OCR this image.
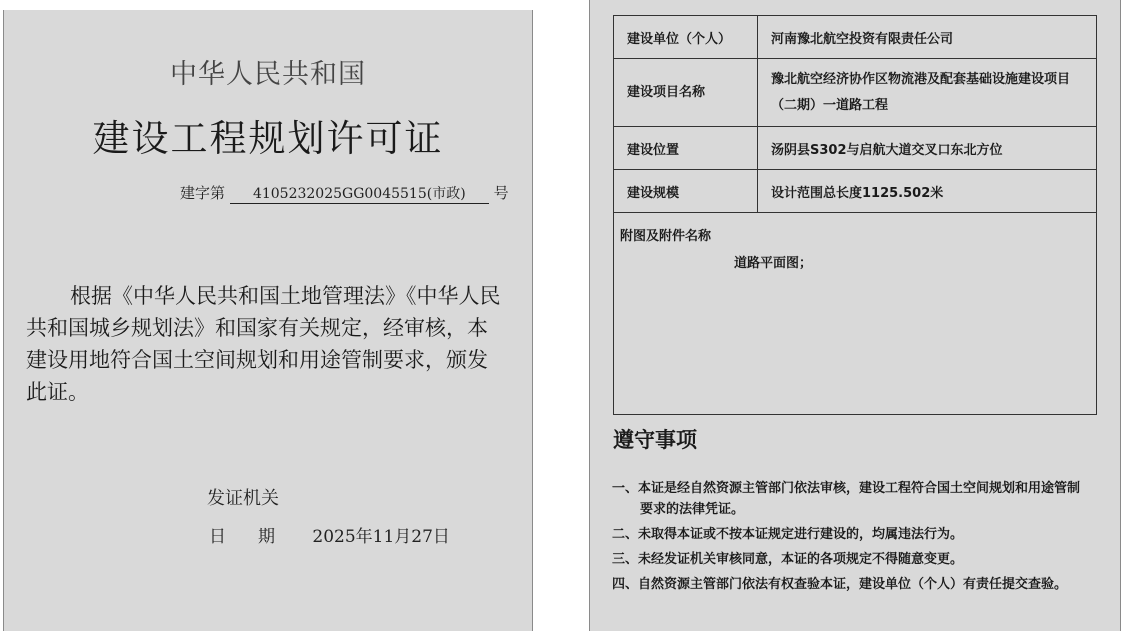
中华人民共和国
建设工程规划许可证
建字第 4105232025GG0045515(市政) 号
根据《中华人民共和国土地管理法》《中华人民共和国城乡规划法》和国家有关规定，经审核，本建设用地符合国土空间规划和用途管制要求，颁发此证。
发证机关
日期 2025年11月27日
建设单位（个人）	河南豫北航空投资有限责任公司
建设项目名称	豫北航空经济协作区物流港及配套基础设施建设项目（二期）一道路工程
建设位置	汤阴县S302与启航大道交叉口东北方位
建设规模	设计范围总长度1125.502米

附图及附件名称
道路平面图；	
遵守事项
一、本证是经自然资源主管部门依法审核，建设工程符合国土空间规划和用途管制要求的法律凭证。
二、未取得本证或不按本证规定进行建设的，均属违法行为。
三、未经发证机关审核同意，本证的各项规定不得随意变更。
四、自然资源主管部门依法有权查验本证，建设单位（个人）有责任提交查验。
